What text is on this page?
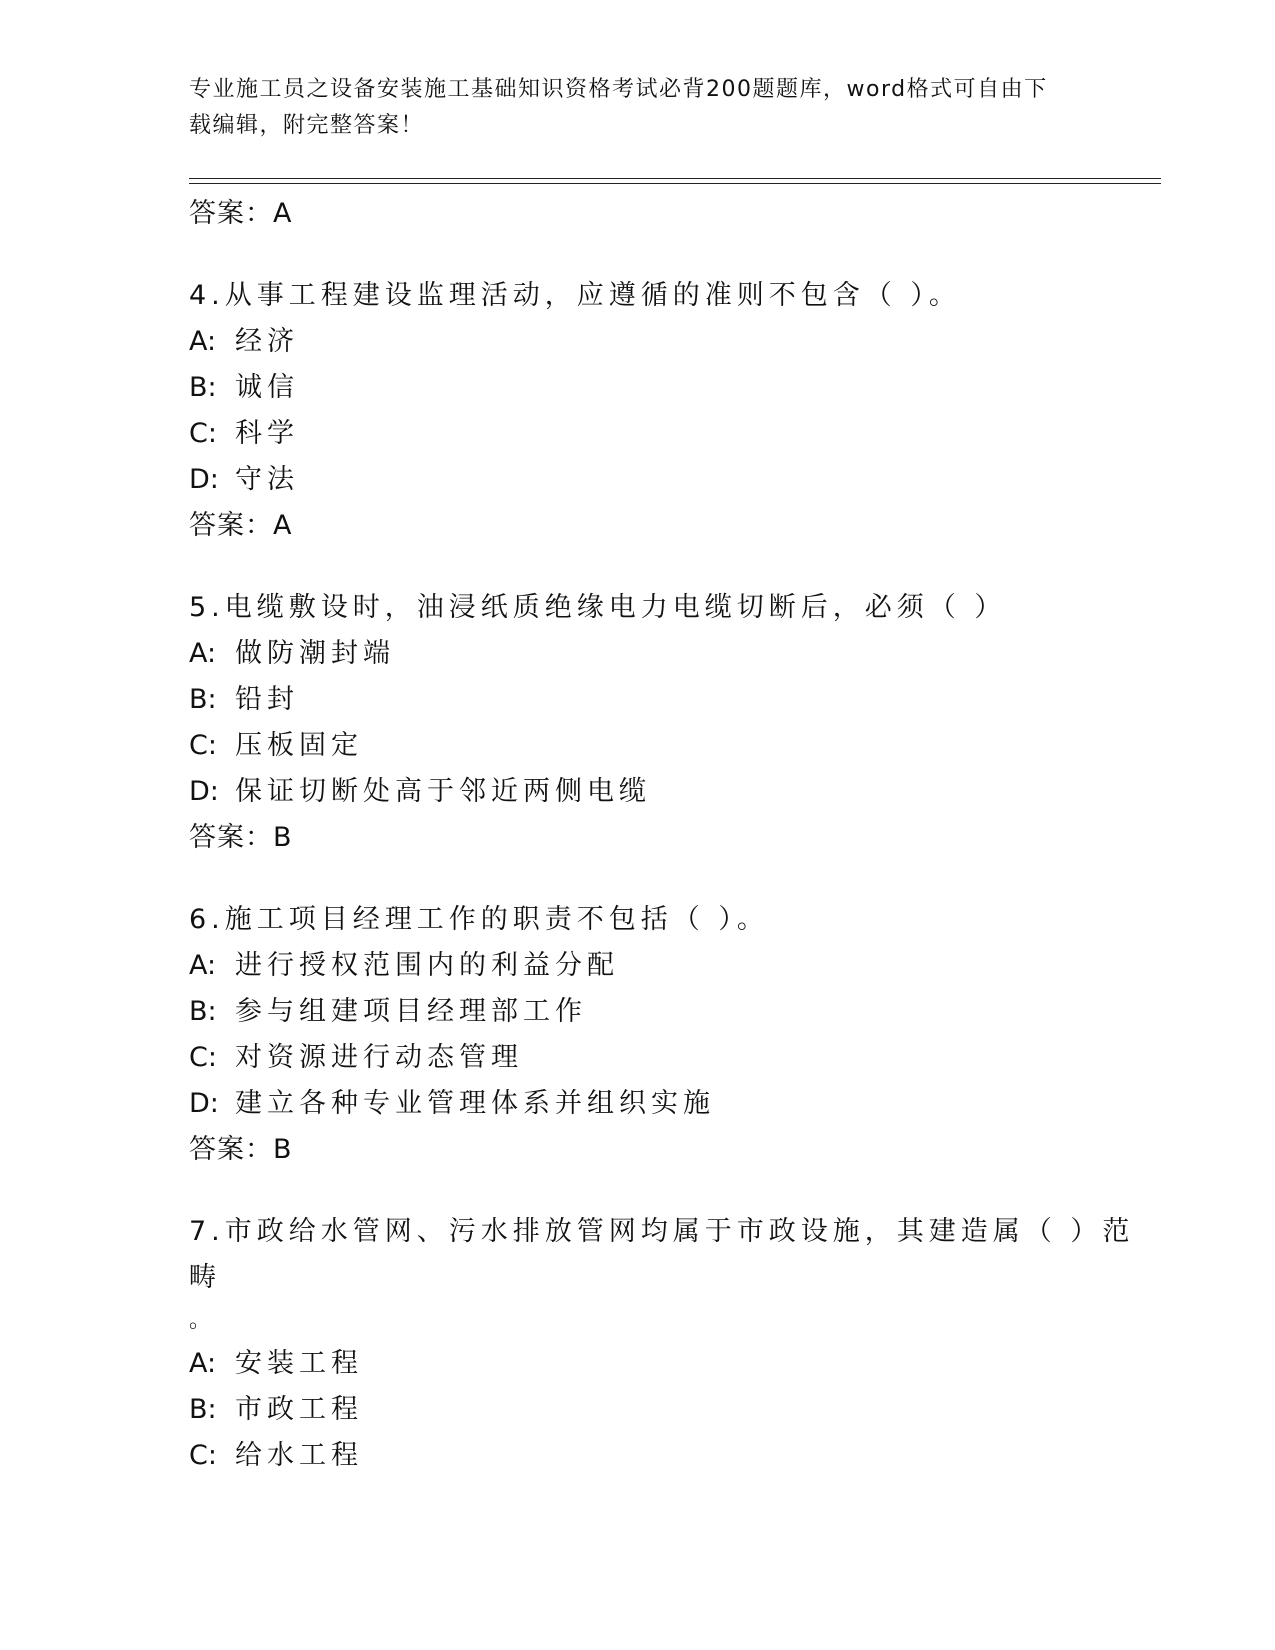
专业施工员之设备安装施工基础知识资格考试必背200题题库，word格式可自由下载编辑，附完整答案！
答案：A
4.从事工程建设监理活动，应遵循的准则不包含（ ）。
A: 经济
B: 诚信
C: 科学
D: 守法
答案：A
5.电缆敷设时，油浸纸质绝缘电力电缆切断后，必须（ ）
A: 做防潮封端
B: 铅封
C: 压板固定
D: 保证切断处高于邻近两侧电缆
答案：B
6.施工项目经理工作的职责不包括（ ）。
A: 进行授权范围内的利益分配
B: 参与组建项目经理部工作
C: 对资源进行动态管理
D: 建立各种专业管理体系并组织实施
答案：B
7.市政给水管网、污水排放管网均属于市政设施，其建造属（ ）范畴
。
A: 安装工程
B: 市政工程
C: 给水工程
